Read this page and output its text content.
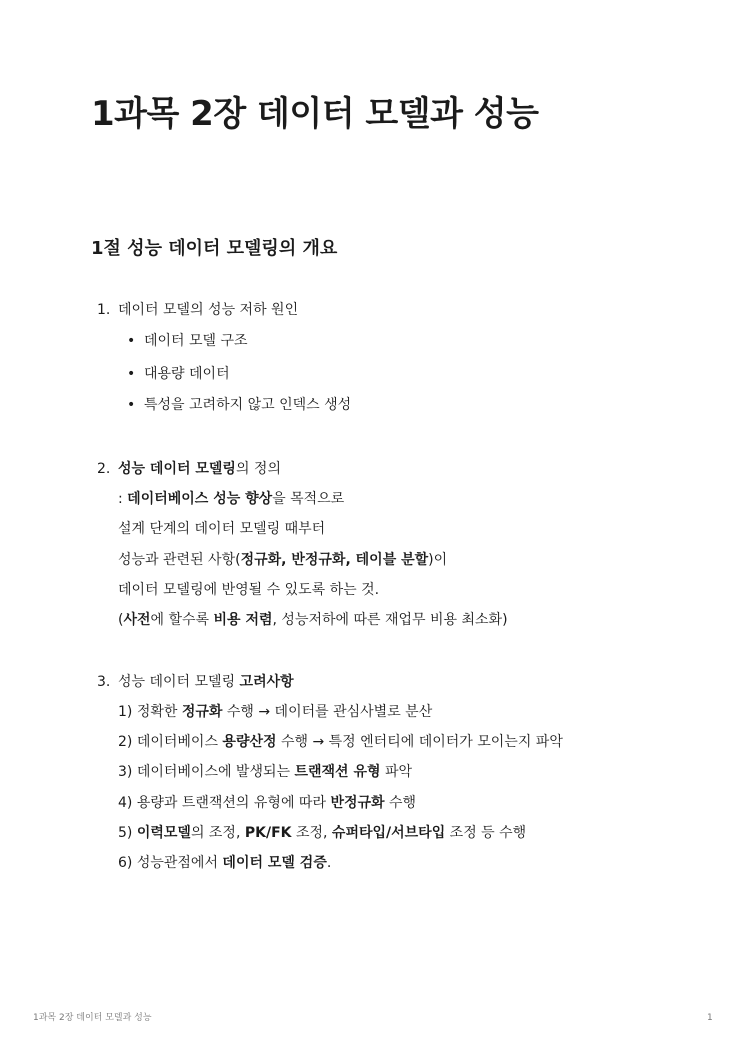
1과목 2장 데이터 모델과 성능
1절 성능 데이터 모델링의 개요
1. 데이터 모델의 성능 저하 원인
• 데이터 모델 구조
• 대용량 데이터
• 특성을 고려하지 않고 인덱스 생성
2. 성능 데이터 모델링의 정의
: 데이터베이스 성능 향상을 목적으로
설계 단계의 데이터 모델링 때부터
성능과 관련된 사항(정규화, 반정규화, 테이블 분할)이
데이터 모델링에 반영될 수 있도록 하는 것.
(사전에 할수록 비용 저렴, 성능저하에 따른 재업무 비용 최소화)
3. 성능 데이터 모델링 고려사항
1) 정확한 정규화 수행 → 데이터를 관심사별로 분산
2) 데이터베이스 용량산정 수행 → 특정 엔터티에 데이터가 모이는지 파악
3) 데이터베이스에 발생되는 트랜잭션 유형 파악
4) 용량과 트랜잭션의 유형에 따라 반정규화 수행
5) 이력모델의 조정, PK/FK 조정, 슈퍼타입/서브타입 조정 등 수행
6) 성능관점에서 데이터 모델 검증.
1과목 2장 데이터 모델과 성능	1
